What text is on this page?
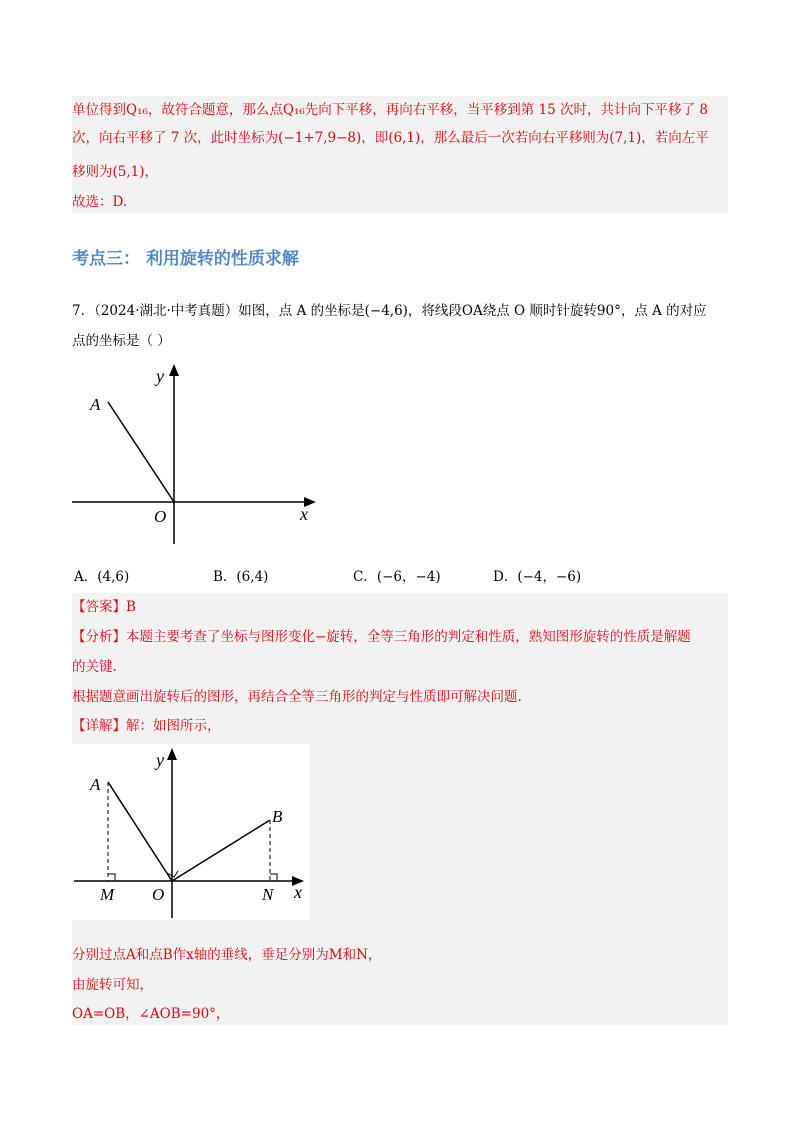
单位得到Q₁₆，故符合题意，那么点Q₁₆先向下平移，再向右平移，当平移到第 15 次时，共计向下平移了 8
次，向右平移了 7 次，此时坐标为(−1+7,9−8)，即(6,1)，那么最后一次若向右平移则为(7,1)，若向左平
移则为(5,1)，
故选：D.
考点三： 利用旋转的性质求解
7．（2024·湖北·中考真题）如图，点 A 的坐标是(−4,6)，将线段OA绕点 O 顺时针旋转90°，点 A 的对应
点的坐标是（ ）
y
x
A
O
A．(4,6)	B．(6,4)	C．(−6，−4)	D．(−4，−6)
【答案】B
【分析】本题主要考查了坐标与图形变化−旋转，全等三角形的判定和性质，熟知图形旋转的性质是解题
的关键.
根据题意画出旋转后的图形，再结合全等三角形的判定与性质即可解决问题.
【详解】解：如图所示，
y
x
A
B
M O	N
分别过点A和点B作x轴的垂线，垂足分别为M和N，
由旋转可知，
OA=OB，∠AOB=90°，
